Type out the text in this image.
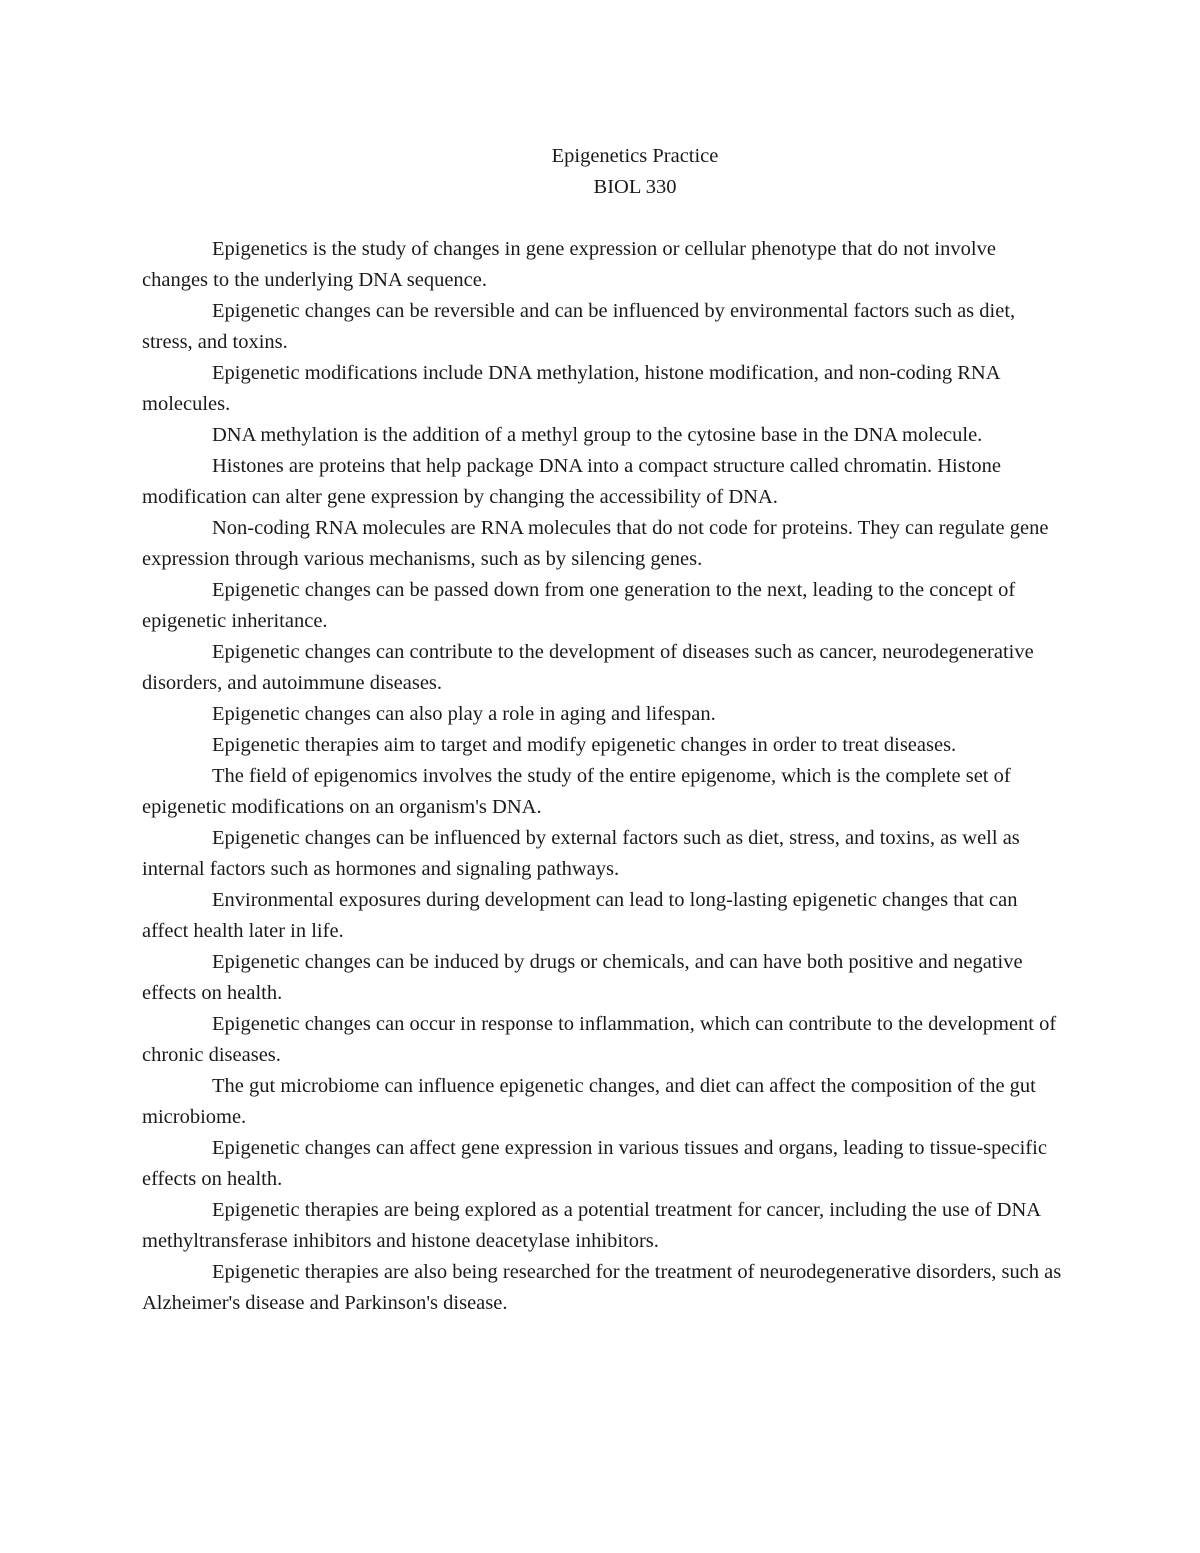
Epigenetics Practice
BIOL 330

Epigenetics is the study of changes in gene expression or cellular phenotype that do not involve changes to the underlying DNA sequence.

Epigenetic changes can be reversible and can be influenced by environmental factors such as diet, stress, and toxins.

Epigenetic modifications include DNA methylation, histone modification, and non-coding RNA molecules.

DNA methylation is the addition of a methyl group to the cytosine base in the DNA molecule.

Histones are proteins that help package DNA into a compact structure called chromatin. Histone modification can alter gene expression by changing the accessibility of DNA.

Non-coding RNA molecules are RNA molecules that do not code for proteins. They can regulate gene expression through various mechanisms, such as by silencing genes.

Epigenetic changes can be passed down from one generation to the next, leading to the concept of epigenetic inheritance.

Epigenetic changes can contribute to the development of diseases such as cancer, neurodegenerative disorders, and autoimmune diseases.

Epigenetic changes can also play a role in aging and lifespan.

Epigenetic therapies aim to target and modify epigenetic changes in order to treat diseases.

The field of epigenomics involves the study of the entire epigenome, which is the complete set of epigenetic modifications on an organism's DNA.

Epigenetic changes can be influenced by external factors such as diet, stress, and toxins, as well as internal factors such as hormones and signaling pathways.

Environmental exposures during development can lead to long-lasting epigenetic changes that can affect health later in life.

Epigenetic changes can be induced by drugs or chemicals, and can have both positive and negative effects on health.

Epigenetic changes can occur in response to inflammation, which can contribute to the development of chronic diseases.

The gut microbiome can influence epigenetic changes, and diet can affect the composition of the gut microbiome.

Epigenetic changes can affect gene expression in various tissues and organs, leading to tissue-specific effects on health.

Epigenetic therapies are being explored as a potential treatment for cancer, including the use of DNA methyltransferase inhibitors and histone deacetylase inhibitors.

Epigenetic therapies are also being researched for the treatment of neurodegenerative disorders, such as Alzheimer's disease and Parkinson's disease.
